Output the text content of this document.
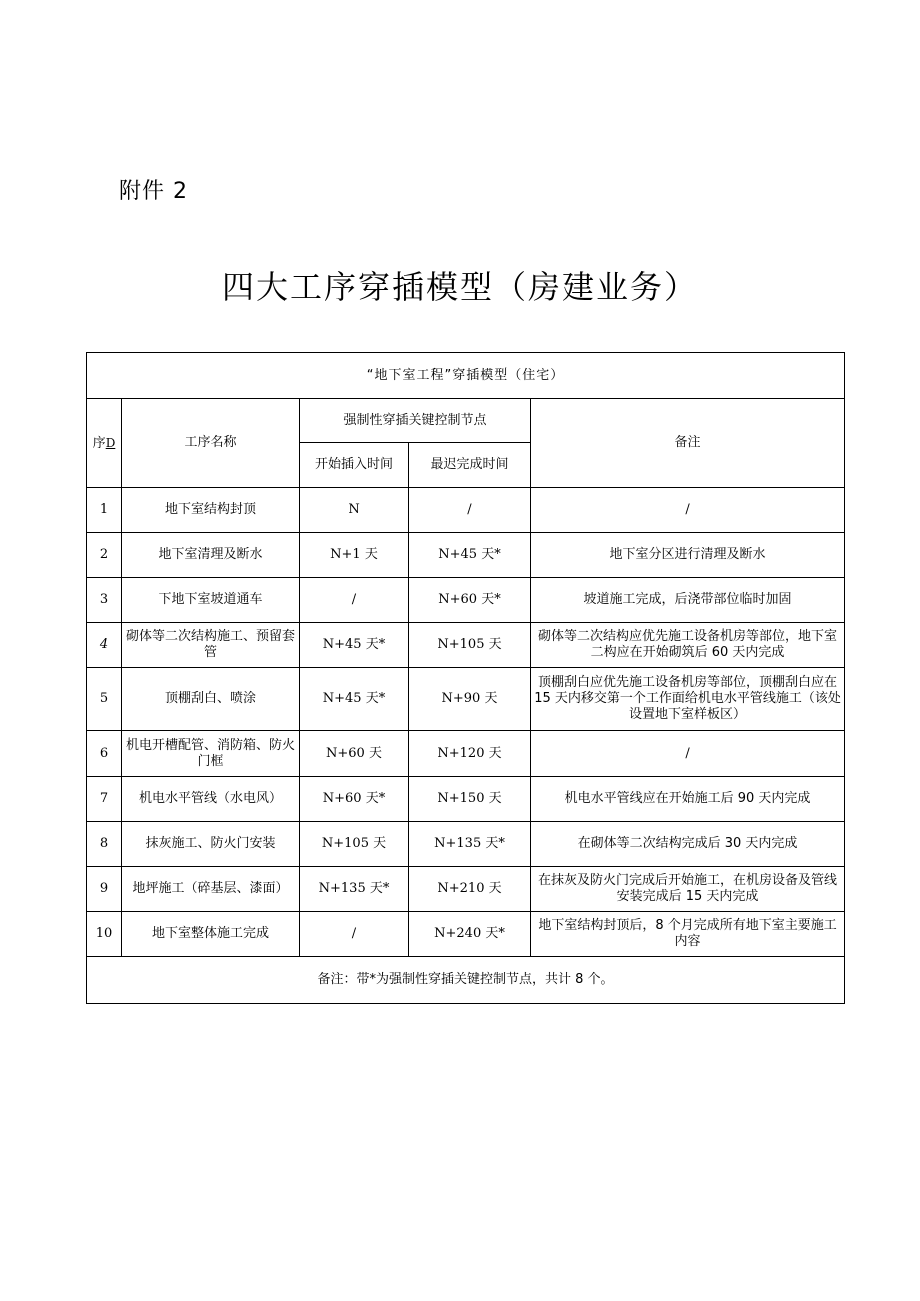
附件 2
四大工序穿插模型（房建业务）
“地下室工程”穿插模型（住宅）				
序D	工序名称	强制性穿插关键控制节点		备注
		开始插入时间	最迟完成时间	
1	地下室结构封顶	N	/	/
2	地下室清理及断水	N+1 天	N+45 天*	地下室分区进行清理及断水
3	下地下室坡道通车	/	N+60 天*	坡道施工完成，后浇带部位临时加固
4	砌体等二次结构施工、预留套管	N+45 天*	N+105 天	砌体等二次结构应优先施工设备机房等部位，地下室二构应在开始砌筑后 60 天内完成
5	顶棚刮白、喷涂	N+45 天*	N+90 天	顶棚刮白应优先施工设备机房等部位，顶棚刮白应在 15 天内移交第一个工作面给机电水平管线施工（该处设置地下室样板区）
6	机电开槽配管、消防箱、防火门框	N+60 天	N+120 天	/
7	机电水平管线（水电风）	N+60 天*	N+150 天	机电水平管线应在开始施工后 90 天内完成
8	抹灰施工、防火门安装	N+105 天	N+135 天*	在砌体等二次结构完成后 30 天内完成
9	地坪施工（碎基层、漆面）	N+135 天*	N+210 天	在抹灰及防火门完成后开始施工，在机房设备及管线安装完成后 15 天内完成
10	地下室整体施工完成	/	N+240 天*	地下室结构封顶后，8 个月完成所有地下室主要施工内容
备注：带*为强制性穿插关键控制节点，共计 8 个。				
